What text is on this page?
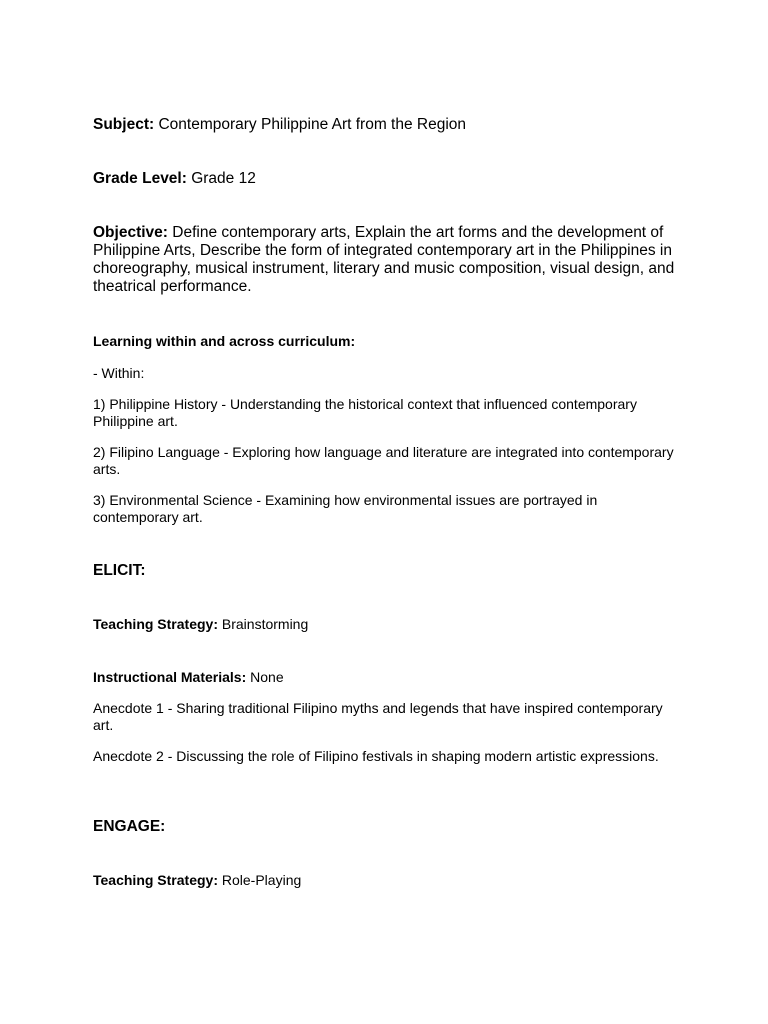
Subject: Contemporary Philippine Art from the Region

Grade Level: Grade 12

Objective: Define contemporary arts, Explain the art forms and the development of Philippine Arts, Describe the form of integrated contemporary art in the Philippines in choreography, musical instrument, literary and music composition, visual design, and theatrical performance.

Learning within and across curriculum:

- Within:

1) Philippine History - Understanding the historical context that influenced contemporary Philippine art.

2) Filipino Language - Exploring how language and literature are integrated into contemporary arts.

3) Environmental Science - Examining how environmental issues are portrayed in contemporary art.

ELICIT:

Teaching Strategy: Brainstorming

Instructional Materials: None

Anecdote 1 - Sharing traditional Filipino myths and legends that have inspired contemporary art.

Anecdote 2 - Discussing the role of Filipino festivals in shaping modern artistic expressions.

ENGAGE:

Teaching Strategy: Role-Playing
